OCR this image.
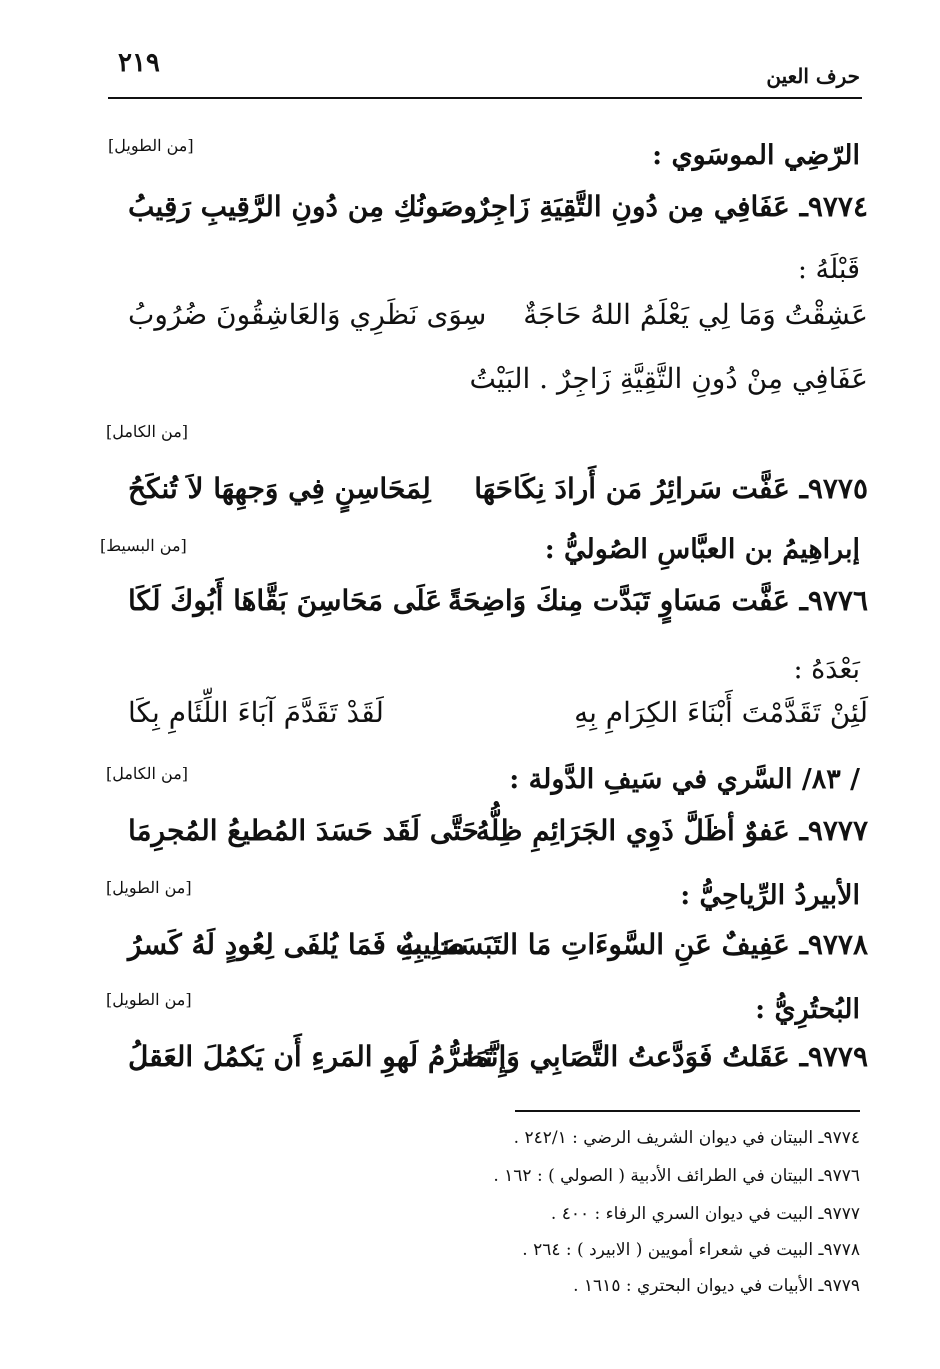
٢١٩	حرف العين
الرّضِي الموسَوي :
[من الطويل]
٩٧٧٤ـ عَفَافِي مِن دُونِ التَّقِيَةِ زَاجِرٌ
وصَونُكِ مِن دُونِ الرَّقِيبِ رَقِيبُ
قَبْلَهُ :
عَشِقْتُ وَمَا لِي يَعْلَمُ اللهُ حَاجَةٌ
سِوَى نَظَرِي وَالعَاشِقُونَ ضُرُوبُ
عَفَافِي مِنْ دُونِ التَّقِيَّةِ زَاجِرٌ . البَيْتُ
[من الكامل]
٩٧٧٥ـ عَفَّت سَرائِرُ مَن أَرادَ نِكَاحَهَا
لِمَحَاسِنٍ فِي وَجهِهَا لاَ تُنكَحُ
إبراهِيمُ بن العبَّاسِ الصُوليُّ :
[من البسيط]
٩٧٧٦ـ عَفَّت مَسَاوٍ تَبَدَّت مِنكَ وَاضِحَةً
عَلَى مَحَاسِنَ بَقَّاهَا أَبُوكَ لَكَا
بَعْدَهُ :
لَئِنْ تَقَدَّمْتَ أَبْنَاءَ الكِرَامِ بِهِ
لَقَدْ تَقَدَّمَ آبَاءَ اللِّئَامِ بِكَا
/ ٨٣/ السَّري في سَيفِ الدَّولة :
[من الكامل]
٩٧٧٧ـ عَفوٌ أظَلَّ ذَوِي الجَرَائِمِ ظِلُّهُ
حَتَّى لَقَد حَسَدَ المُطيعُ المُجرِمَا
الأبيردُ الرِّياحِيُّ :
[من الطويل]
٩٧٧٨ـ عَفِيفٌ عَنِ السَّوءَاتِ مَا التَبَسَت بِهِ
صَلِيبٌ فَمَا يُلفَى لِعُودٍ لَهُ كَسرُ
البُحتُرِيُّ :
[من الطويل]
٩٧٧٩ـ عَقَلتُ فَوَدَّعتُ التَّصَابِي وَإِنَّمَا
تَصَرُّمُ لَهوِ المَرءِ أَن يَكمُلَ العَقلُ
٩٧٧٤ـ البيتان في ديوان الشريف الرضي : ٢٤٢/١ .
٩٧٧٦ـ البيتان في الطرائف الأدبية ( الصولي ) : ١٦٢ .
٩٧٧٧ـ البيت في ديوان السري الرفاء : ٤٠٠ .
٩٧٧٨ـ البيت في شعراء أمويين ( الابيرد ) : ٢٦٤ .
٩٧٧٩ـ الأبيات في ديوان البحتري : ١٦١٥ .
